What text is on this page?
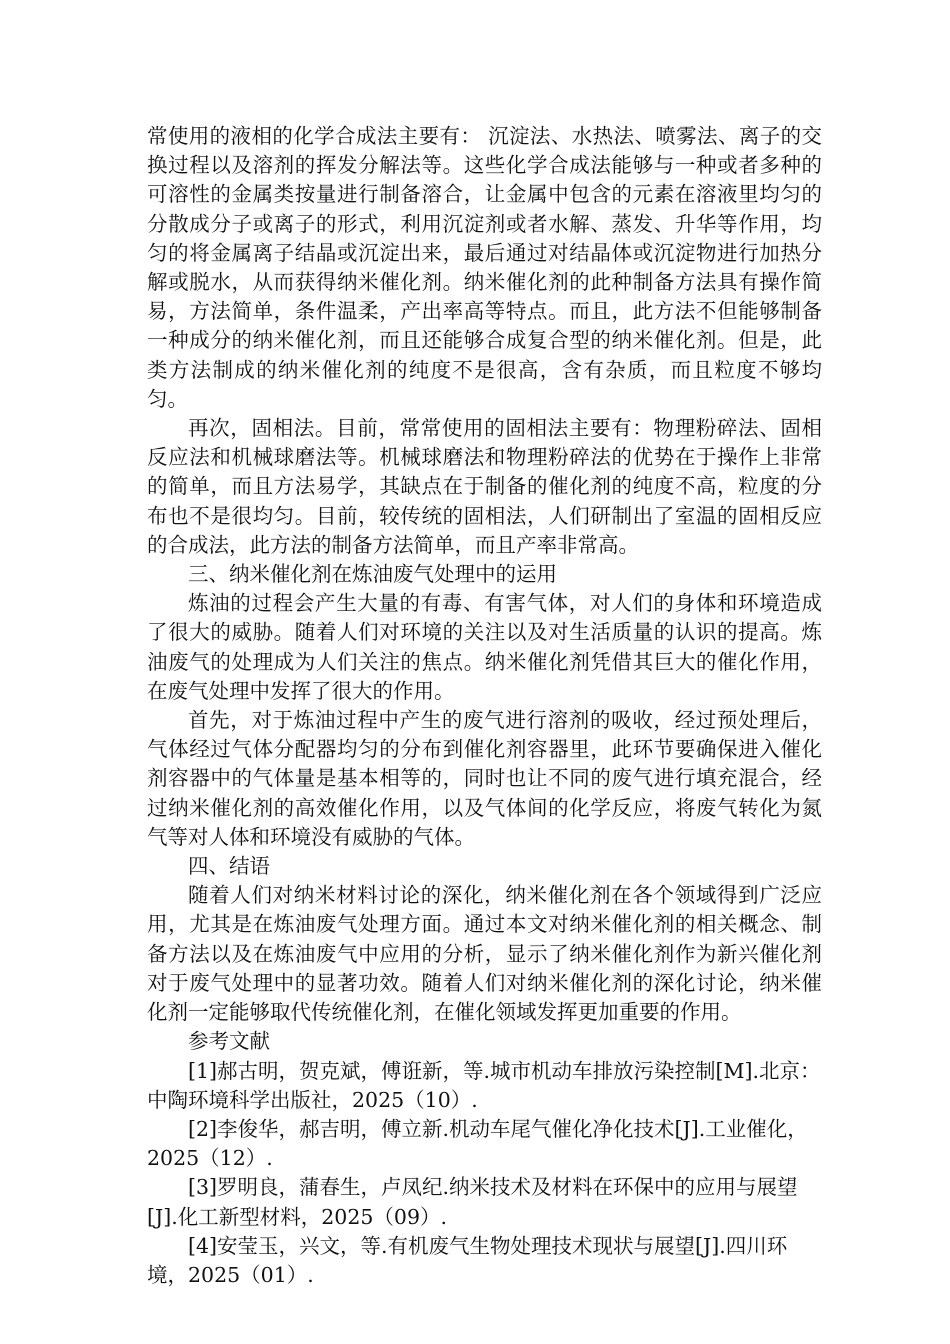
常使用的液相的化学合成法主要有： 沉淀法、水热法、喷雾法、离子的交换过程以及溶剂的挥发分解法等。这些化学合成法能够与一种或者多种的可溶性的金属类按量进行制备溶合，让金属中包含的元素在溶液里均匀的分散成分子或离子的形式，利用沉淀剂或者水解、蒸发、升华等作用，均匀的将金属离子结晶或沉淀出来，最后通过对结晶体或沉淀物进行加热分解或脱水，从而获得纳米催化剂。纳米催化剂的此种制备方法具有操作简易，方法简单，条件温柔，产出率高等特点。而且，此方法不但能够制备一种成分的纳米催化剂，而且还能够合成复合型的纳米催化剂。但是，此类方法制成的纳米催化剂的纯度不是很高，含有杂质，而且粒度不够均匀。

再次，固相法。目前，常常使用的固相法主要有：物理粉碎法、固相反应法和机械球磨法等。机械球磨法和物理粉碎法的优势在于操作上非常的简单，而且方法易学，其缺点在于制备的催化剂的纯度不高，粒度的分布也不是很均匀。目前，较传统的固相法，人们研制出了室温的固相反应的合成法，此方法的制备方法简单，而且产率非常高。

三、纳米催化剂在炼油废气处理中的运用

炼油的过程会产生大量的有毒、有害气体，对人们的身体和环境造成了很大的威胁。随着人们对环境的关注以及对生活质量的认识的提高。炼油废气的处理成为人们关注的焦点。纳米催化剂凭借其巨大的催化作用，在废气处理中发挥了很大的作用。

首先，对于炼油过程中产生的废气进行溶剂的吸收，经过预处理后，气体经过气体分配器均匀的分布到催化剂容器里，此环节要确保进入催化剂容器中的气体量是基本相等的，同时也让不同的废气进行填充混合，经过纳米催化剂的高效催化作用，以及气体间的化学反应，将废气转化为氮气等对人体和环境没有威胁的气体。

四、结语

随着人们对纳米材料讨论的深化，纳米催化剂在各个领域得到广泛应用，尤其是在炼油废气处理方面。通过本文对纳米催化剂的相关概念、制备方法以及在炼油废气中应用的分析，显示了纳米催化剂作为新兴催化剂对于废气处理中的显著功效。随着人们对纳米催化剂的深化讨论，纳米催化剂一定能够取代传统催化剂，在催化领域发挥更加重要的作用。

参考文献

[1]郝古明，贺克斌，傅诳新，等.城市机动车排放污染控制[M].北京：中陶环境科学出版社，2025（10）.

[2]李俊华，郝吉明，傅立新.机动车尾气催化净化技术[J].工业催化，2025（12）.

[3]罗明良，蒲春生，卢凤纪.纳米技术及材料在环保中的应用与展望[J].化工新型材料，2025（09）.

[4]安莹玉，兴文，等.有机废气生物处理技术现状与展望[J].四川环境，2025（01）.
